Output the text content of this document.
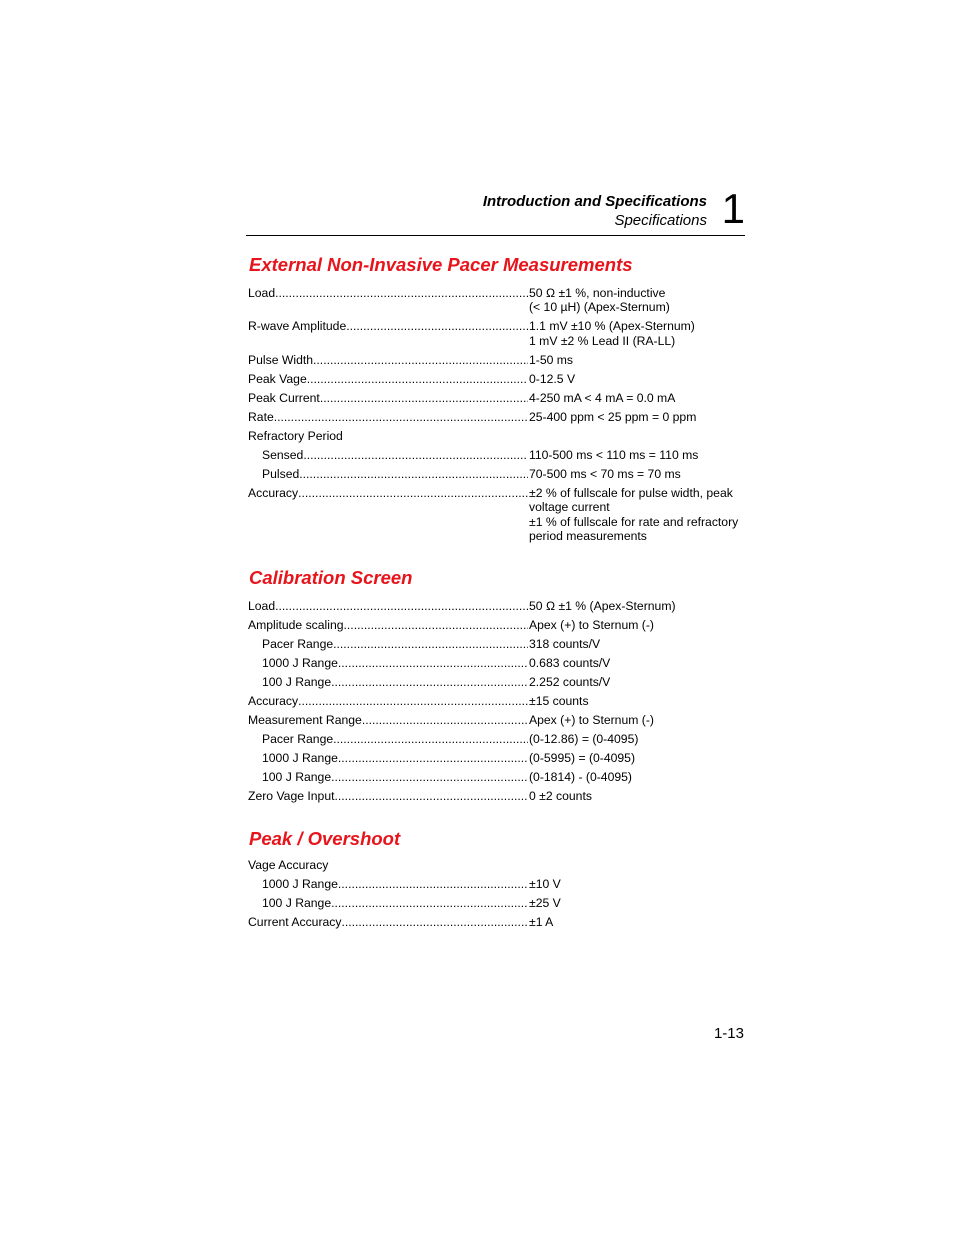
Introduction and Specifications
Specifications 1
External Non-Invasive Pacer Measurements
Load .....	50 Ω ±1 %, non-inductive
(< 10 µH) (Apex-Sternum)
R-wave Amplitude .....	1.1 mV ±10 % (Apex-Sternum)
1 mV ±2 % Lead II (RA-LL)
Pulse Width .....	1-50 ms
Peak Vage .....	0-12.5 V
Peak Current .....	4-250 mA < 4 mA = 0.0 mA
Rate .....	25-400 ppm < 25 ppm = 0 ppm
Refractory Period
Sensed .....	110-500 ms < 110 ms = 110 ms
Pulsed .....	70-500 ms < 70 ms = 70 ms
Accuracy .....	±2 % of fullscale for pulse width, peak
voltage current
±1 % of fullscale for rate and refractory
period measurements
Calibration Screen
Load .....	50 Ω ±1 % (Apex-Sternum)
Amplitude scaling .....	Apex (+) to Sternum (-)
Pacer Range .....	318 counts/V
1000 J Range .....	0.683 counts/V
100 J Range .....	2.252 counts/V
Accuracy .....	±15 counts
Measurement Range .....	Apex (+) to Sternum (-)
Pacer Range .....	(0-12.86) = (0-4095)
1000 J Range .....	(0-5995) = (0-4095)
100 J Range .....	(0-1814) - (0-4095)
Zero Vage Input .....	0 ±2 counts
Peak / Overshoot
Vage Accuracy
1000 J Range .....	±10 V
100 J Range .....	±25 V
Current Accuracy .....	±1 A
1-13
